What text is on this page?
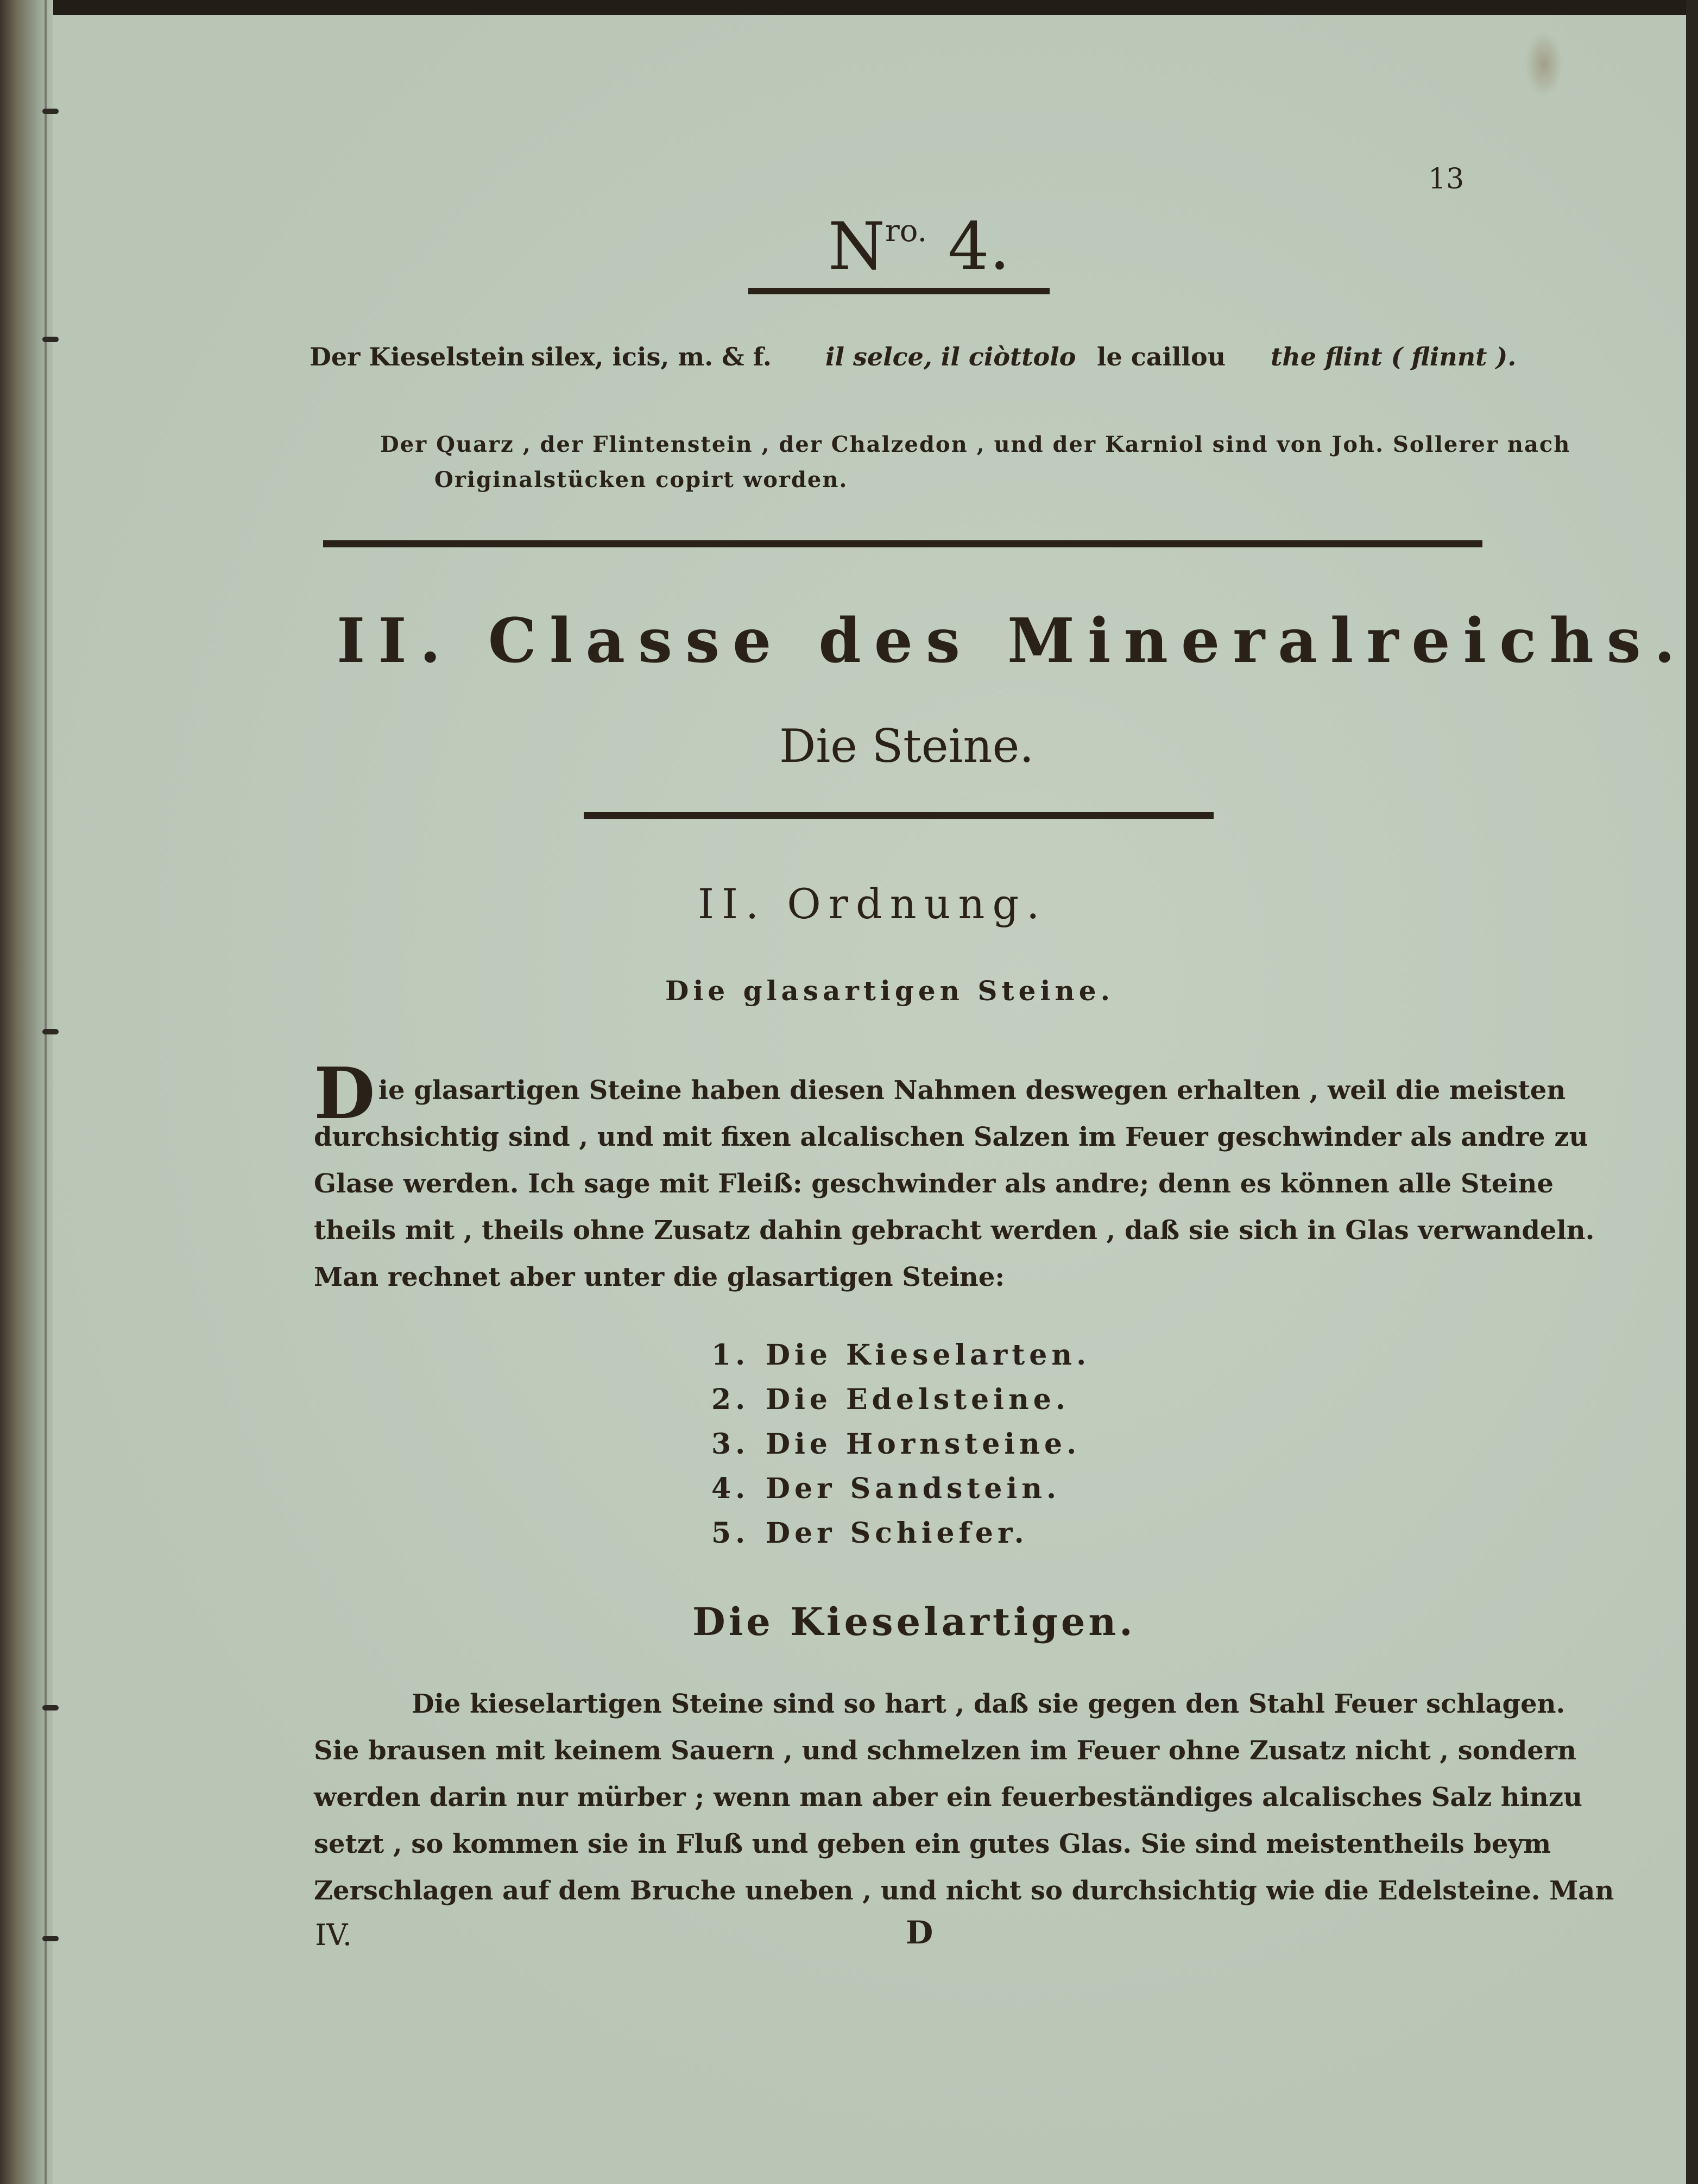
13
$N^{ro.}$ 4.
Der Kieselstein silex, icis, m. & f. il selce, il ciòttolo le caillou the flint ( flinnt ).
Der Quarz , der Flintenstein , der Chalzedon , und der Karniol sind von Joh. Sollerer nach
Originalstücken copirt worden.
II. Classe des Mineralreichs.
Die Steine.
II. Ordnung.
Die glasartigen Steine.
D ie glasartigen Steine haben diesen Nahmen deswegen erhalten , weil die meisten
durchsichtig sind , und mit fixen alcalischen Salzen im Feuer geschwinder als andre zu
Glase werden. Ich sage mit Fleiß: geschwinder als andre; denn es können alle Steine
theils mit , theils ohne Zusatz dahin gebracht werden , daß sie sich in Glas verwandeln.
Man rechnet aber unter die glasartigen Steine:
1. Die Kieselarten.
2. Die Edelsteine.
3. Die Hornsteine.
4. Der Sandstein.
5. Der Schiefer.
Die Kieselartigen.
Die kieselartigen Steine sind so hart , daß sie gegen den Stahl Feuer schlagen.
Sie brausen mit keinem Sauern , und schmelzen im Feuer ohne Zusatz nicht , sondern
werden darin nur mürber ; wenn man aber ein feuerbeständiges alcalisches Salz hinzu
setzt , so kommen sie in Fluß und geben ein gutes Glas. Sie sind meistentheils beym
Zerschlagen auf dem Bruche uneben , und nicht so durchsichtig wie die Edelsteine. Man
IV.	D
